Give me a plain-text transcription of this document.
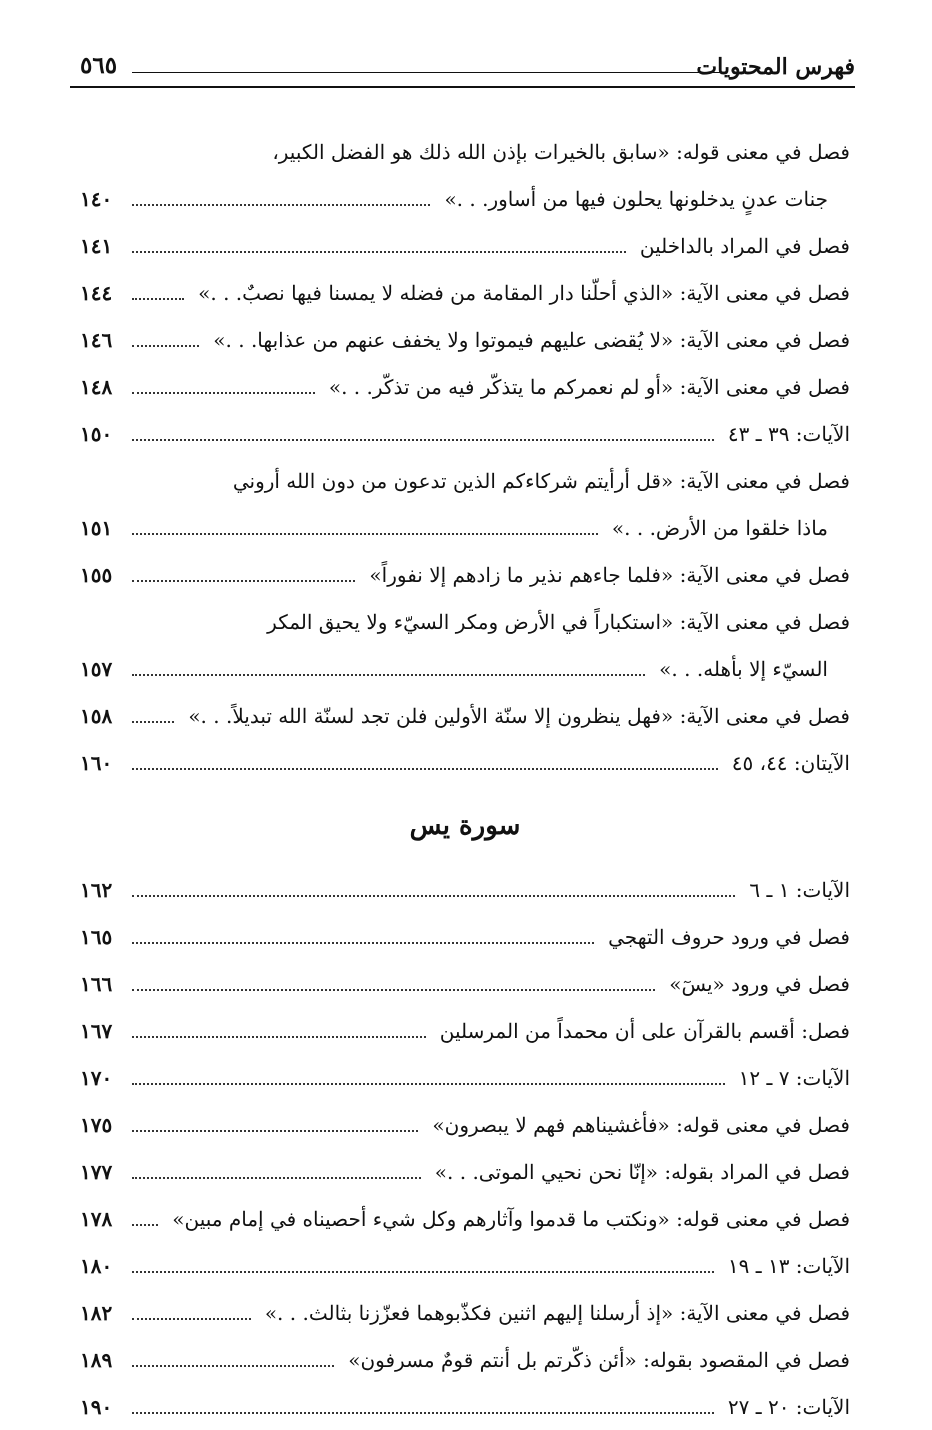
فهرس المحتويات
٥٦٥
فصل في معنى قوله: «سابق بالخيرات بإذن الله ذلك هو الفضل الكبير،
جنات عدنٍ يدخلونها يحلون فيها من أساور. . .»
١٤٠
فصل في المراد بالداخلين
١٤١
فصل في معنى الآية: «الذي أحلّنا دار المقامة من فضله لا يمسنا فيها نصبٌ. . .»
١٤٤
فصل في معنى الآية: «لا يُقضى عليهم فيموتوا ولا يخفف عنهم من عذابها. . .»
١٤٦
فصل في معنى الآية: «أو لم نعمركم ما يتذكّر فيه من تذكّر. . .»
١٤٨
الآيات: ٣٩ ـ ٤٣
١٥٠
فصل في معنى الآية: «قل أرأيتم شركاءكم الذين تدعون من دون الله أروني
ماذا خلقوا من الأرض. . .»
١٥١
فصل في معنى الآية: «فلما جاءهم نذير ما زادهم إلا نفوراً»
١٥٥
فصل في معنى الآية: «استكباراً في الأرض ومكر السيّء ولا يحيق المكر
السيّء إلا بأهله. . .»
١٥٧
فصل في معنى الآية: «فهل ينظرون إلا سنّة الأولين فلن تجد لسنّة الله تبديلاً. . .»
١٥٨
الآيتان: ٤٤، ٤٥
١٦٠
سورة يس
الآيات: ١ ـ ٦
١٦٢
فصل في ورود حروف التهجي
١٦٥
فصل في ورود «يسٓ»
١٦٦
فصل: أقسم بالقرآن على أن محمداً من المرسلين
١٦٧
الآيات: ٧ ـ ١٢
١٧٠
فصل في معنى قوله: «فأغشيناهم فهم لا يبصرون»
١٧٥
فصل في المراد بقوله: «إنّا نحن نحيي الموتى. . .»
١٧٧
فصل في معنى قوله: «ونكتب ما قدموا وآثارهم وكل شيء أحصيناه في إمام مبين»
١٧٨
الآيات: ١٣ ـ ١٩
١٨٠
فصل في معنى الآية: «إذ أرسلنا إليهم اثنين فكذّبوهما فعزّزنا بثالث. . .»
١٨٢
فصل في المقصود بقوله: «أئن ذكّرتم بل أنتم قومٌ مسرفون»
١٨٩
الآيات: ٢٠ ـ ٢٧
١٩٠
